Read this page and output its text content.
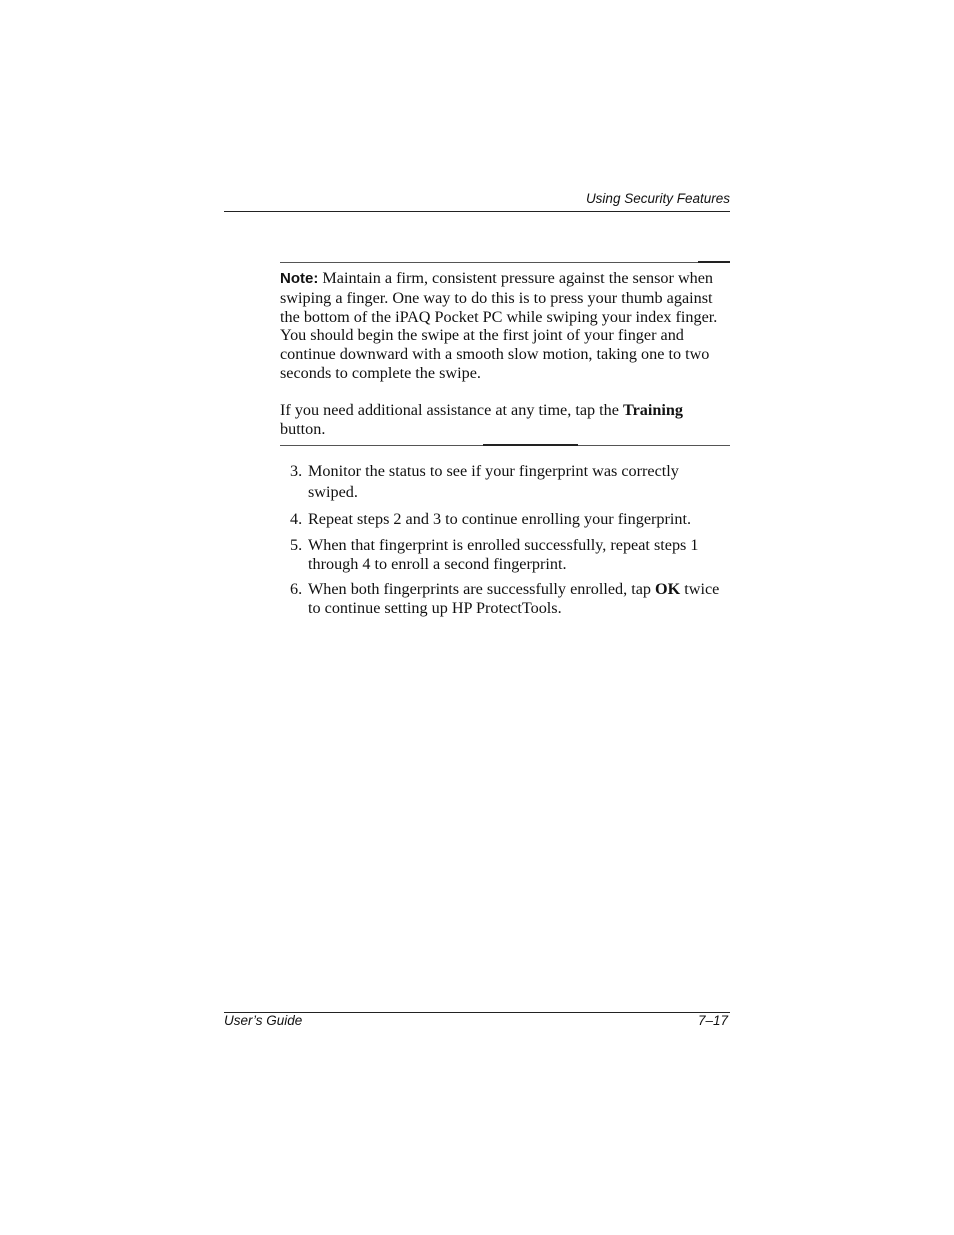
Using Security Features

Note: Maintain a firm, consistent pressure against the sensor when swiping a finger. One way to do this is to press your thumb against the bottom of the iPAQ Pocket PC while swiping your index finger. You should begin the swipe at the first joint of your finger and continue downward with a smooth slow motion, taking one to two seconds to complete the swipe.

If you need additional assistance at any time, tap the Training button.

3. Monitor the status to see if your fingerprint was correctly swiped.
4. Repeat steps 2 and 3 to continue enrolling your fingerprint.
5. When that fingerprint is enrolled successfully, repeat steps 1 through 4 to enroll a second fingerprint.
6. When both fingerprints are successfully enrolled, tap OK twice to continue setting up HP ProtectTools.
User’s Guide	7–17
